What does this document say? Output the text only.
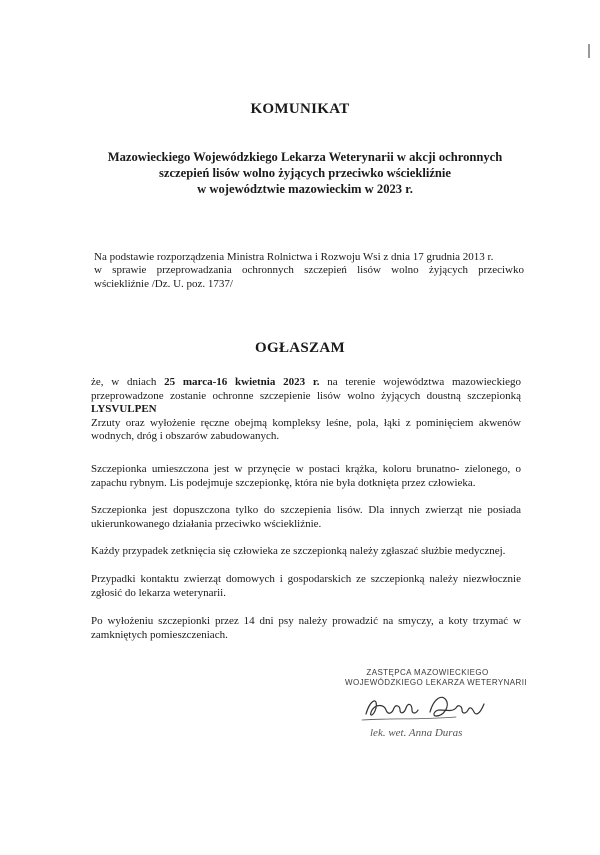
KOMUNIKAT
Mazowieckiego Wojewódzkiego Lekarza Weterynarii w akcji ochronnych
szczepień lisów wolno żyjących przeciwko wściekliźnie
w województwie mazowieckim w 2023 r.
Na podstawie rozporządzenia Ministra Rolnictwa i Rozwoju Wsi z dnia 17 grudnia 2013 r.
w sprawie przeprowadzania ochronnych szczepień lisów wolno żyjących przeciwko
wściekliźnie /Dz. U. poz. 1737/
OGŁASZAM
że, w dniach 25 marca-16 kwietnia 2023 r. na terenie województwa mazowieckiego
przeprowadzone zostanie ochronne szczepienie lisów wolno żyjących doustną szczepionką
LYSVULPEN
Zrzuty oraz wyłożenie ręczne obejmą kompleksy leśne, pola, łąki z pominięciem akwenów
wodnych, dróg i obszarów zabudowanych.
Szczepionka umieszczona jest w przynęcie w postaci krążka, koloru brunatno- zielonego, o
zapachu rybnym. Lis podejmuje szczepionkę, która nie była dotknięta przez człowieka.
Szczepionka jest dopuszczona tylko do szczepienia lisów. Dla innych zwierząt nie posiada
ukierunkowanego działania przeciwko wściekliźnie.
Każdy przypadek zetknięcia się człowieka ze szczepionką należy zgłaszać służbie medycznej.
Przypadki kontaktu zwierząt domowych i gospodarskich ze szczepionką należy niezwłocznie
zgłosić do lekarza weterynarii.
Po wyłożeniu szczepionki przez 14 dni psy należy prowadzić na smyczy, a koty trzymać w
zamkniętych pomieszczeniach.
ZASTĘPCA MAZOWIECKIEGO
WOJEWÓDZKIEGO LEKARZA WETERYNARII
lek. wet. Anna Duras
